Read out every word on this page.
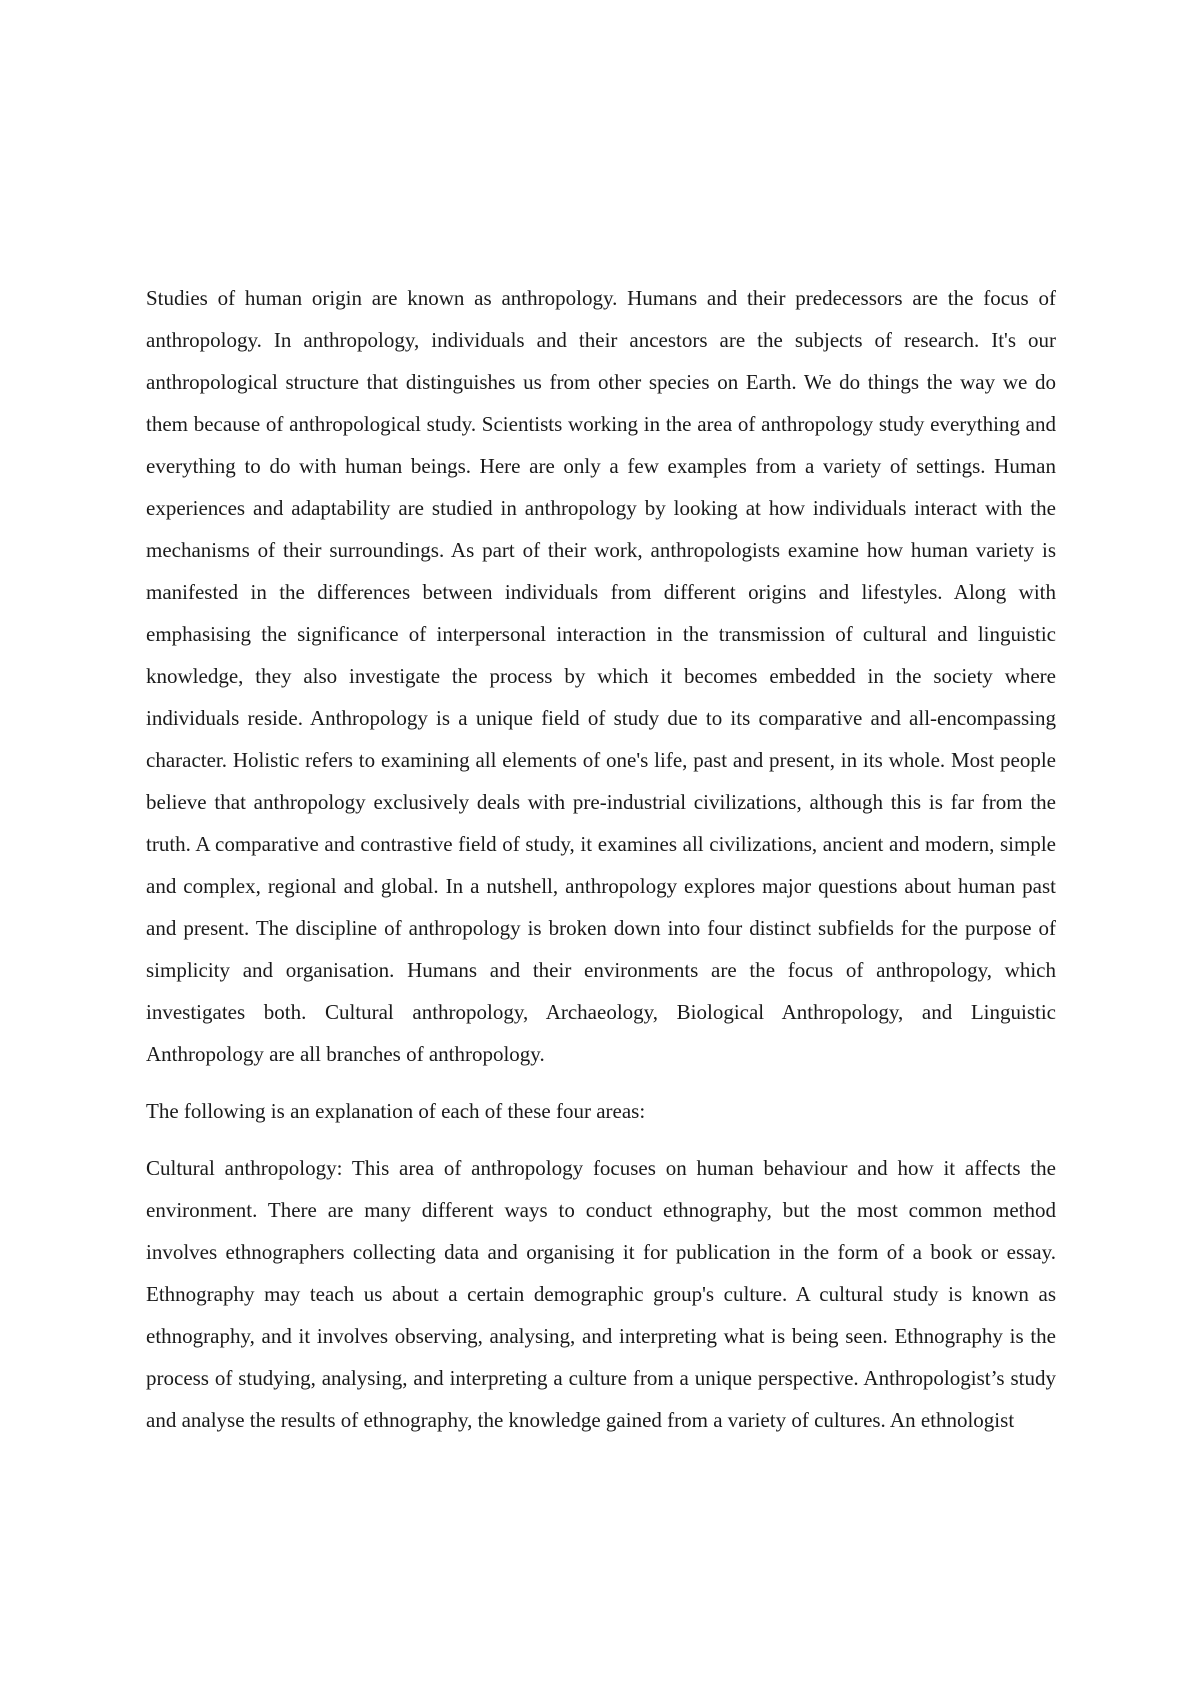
Studies of human origin are known as anthropology. Humans and their predecessors are the focus of anthropology. In anthropology, individuals and their ancestors are the subjects of research. It's our anthropological structure that distinguishes us from other species on Earth. We do things the way we do them because of anthropological study. Scientists working in the area of anthropology study everything and everything to do with human beings. Here are only a few examples from a variety of settings. Human experiences and adaptability are studied in anthropology by looking at how individuals interact with the mechanisms of their surroundings. As part of their work, anthropologists examine how human variety is manifested in the differences between individuals from different origins and lifestyles. Along with emphasising the significance of interpersonal interaction in the transmission of cultural and linguistic knowledge, they also investigate the process by which it becomes embedded in the society where individuals reside. Anthropology is a unique field of study due to its comparative and all-encompassing character. Holistic refers to examining all elements of one's life, past and present, in its whole. Most people believe that anthropology exclusively deals with pre-industrial civilizations, although this is far from the truth. A comparative and contrastive field of study, it examines all civilizations, ancient and modern, simple and complex, regional and global. In a nutshell, anthropology explores major questions about human past and present. The discipline of anthropology is broken down into four distinct subfields for the purpose of simplicity and organisation. Humans and their environments are the focus of anthropology, which investigates both. Cultural anthropology, Archaeology, Biological Anthropology, and Linguistic Anthropology are all branches of anthropology.

The following is an explanation of each of these four areas:

Cultural anthropology: This area of anthropology focuses on human behaviour and how it affects the environment. There are many different ways to conduct ethnography, but the most common method involves ethnographers collecting data and organising it for publication in the form of a book or essay. Ethnography may teach us about a certain demographic group's culture. A cultural study is known as ethnography, and it involves observing, analysing, and interpreting what is being seen. Ethnography is the process of studying, analysing, and interpreting a culture from a unique perspective. Anthropologist’s study and analyse the results of ethnography, the knowledge gained from a variety of cultures. An ethnologist
